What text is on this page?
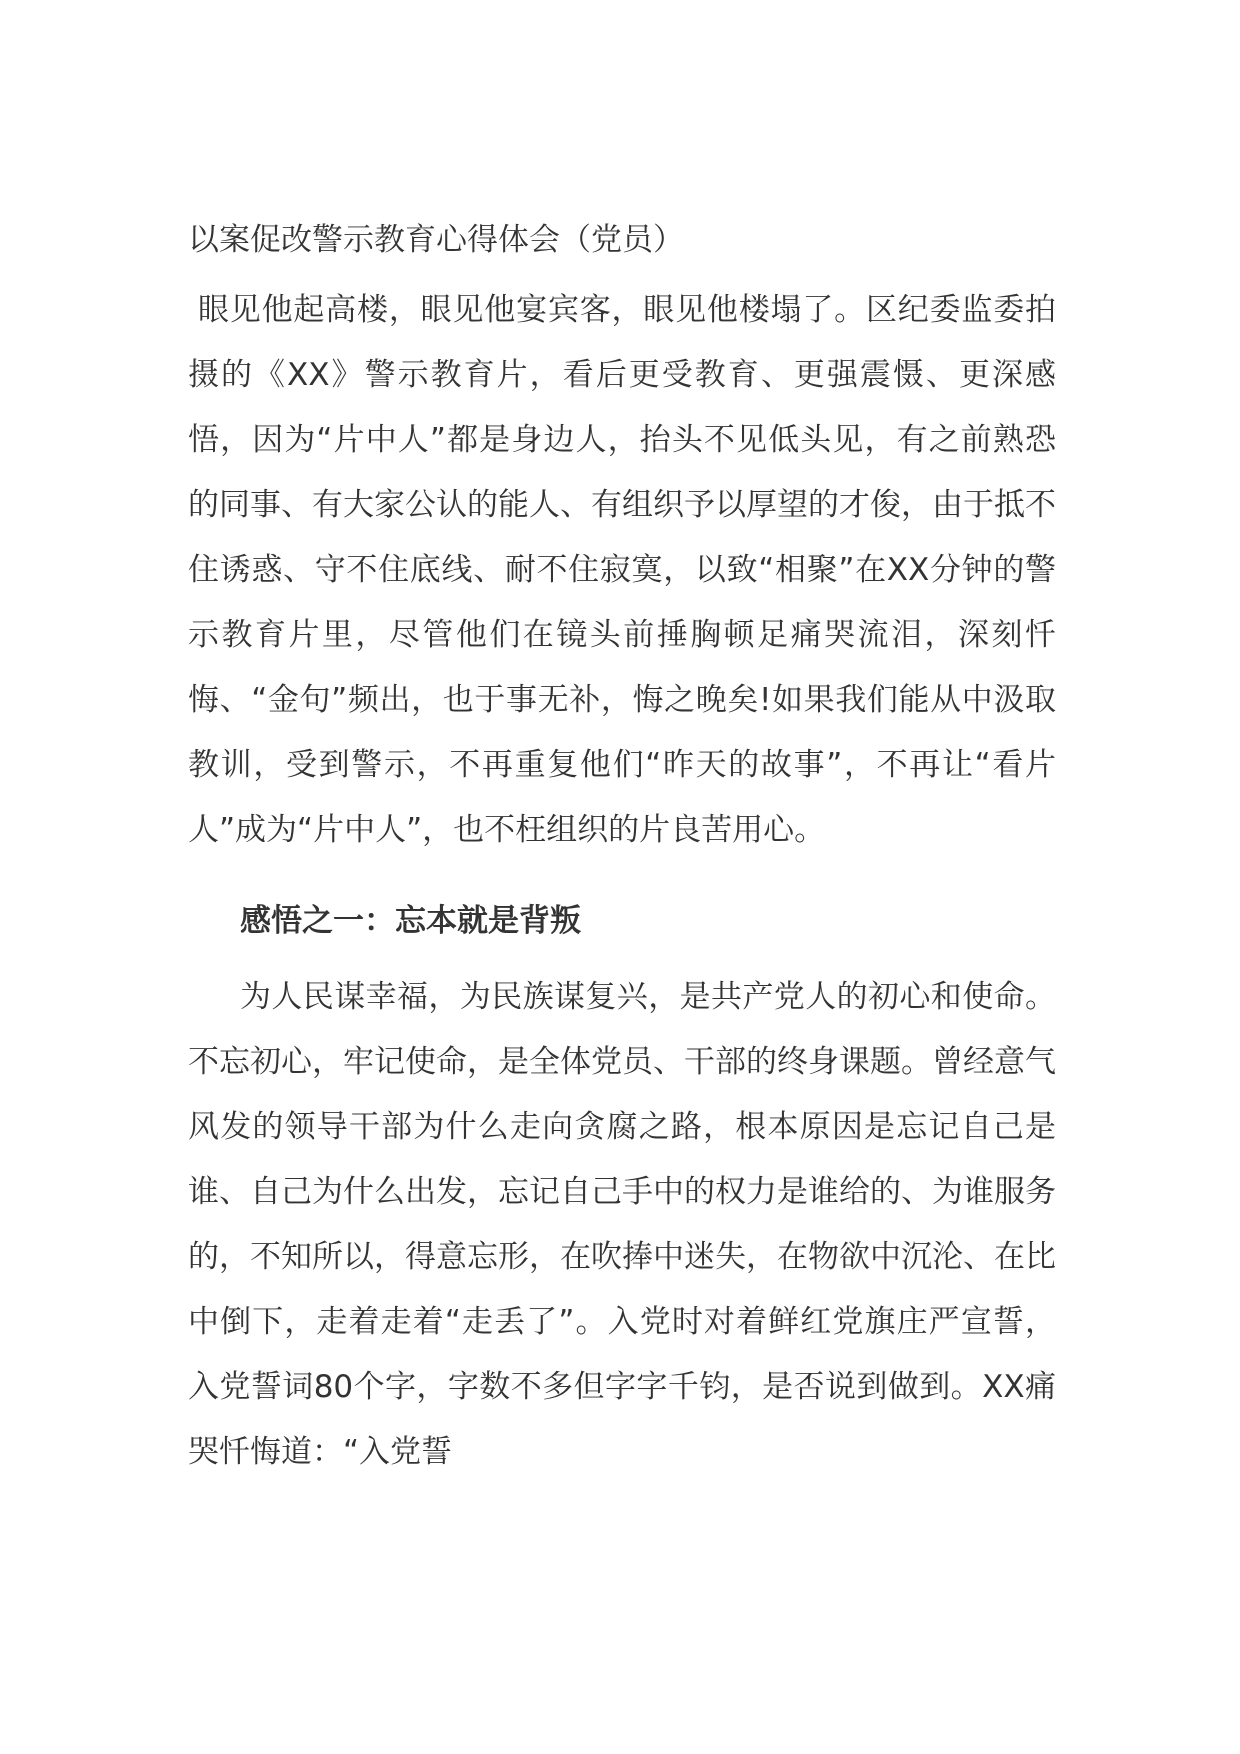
以案促改警示教育心得体会（党员）

眼见他起高楼，眼见他宴宾客，眼见他楼塌了。区纪委监委拍摄的《XX》警示教育片，看后更受教育、更强震慑、更深感悟，因为“片中人”都是身边人，抬头不见低头见，有之前熟恐的同事、有大家公认的能人、有组织予以厚望的才俊，由于抵不住诱惑、守不住底线、耐不住寂寞，以致“相聚”在XX分钟的警示教育片里，尽管他们在镜头前捶胸顿足痛哭流泪，深刻忏悔、“金句”频出，也于事无补，悔之晚矣!如果我们能从中汲取教训，受到警示，不再重复他们“昨天的故事”，不再让“看片人”成为“片中人”，也不枉组织的片良苦用心。

感悟之一：忘本就是背叛

为人民谋幸福，为民族谋复兴，是共产党人的初心和使命。不忘初心，牢记使命，是全体党员、干部的终身课题。曾经意气风发的领导干部为什么走向贪腐之路，根本原因是忘记自己是谁、自己为什么出发，忘记自己手中的权力是谁给的、为谁服务的，不知所以，得意忘形，在吹捧中迷失，在物欲中沉沦、在比中倒下，走着走着“走丢了”。入党时对着鲜红党旗庄严宣誓，入党誓词80个字，字数不多但字字千钧，是否说到做到。XX痛哭忏悔道：“入党誓
